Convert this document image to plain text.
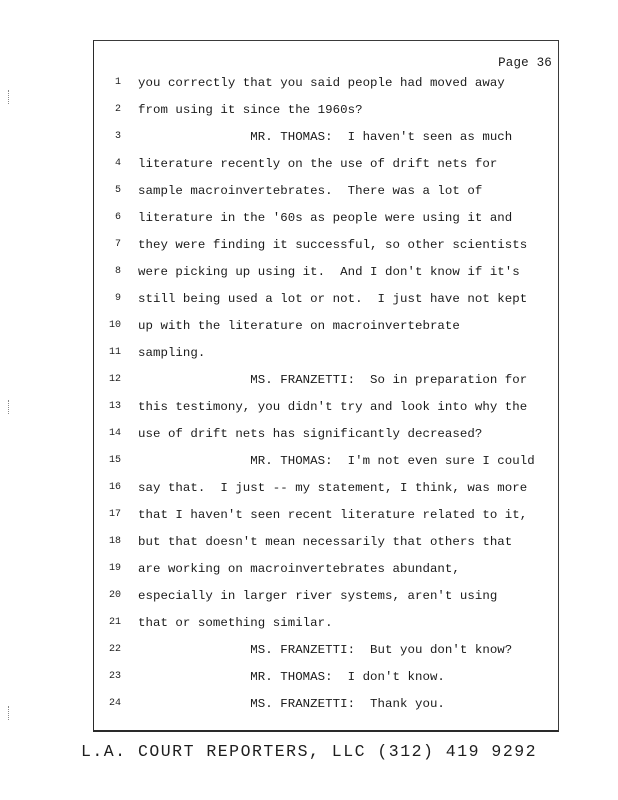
Page 36
1 you correctly that you said people had moved away
2 from using it since the 1960s?
3 MR. THOMAS:  I haven't seen as much
4 literature recently on the use of drift nets for
5 sample macroinvertebrates.  There was a lot of
6 literature in the '60s as people were using it and
7 they were finding it successful, so other scientists
8 were picking up using it.  And I don't know if it's
9 still being used a lot or not.  I just have not kept
10 up with the literature on macroinvertebrate
11 sampling.
12 MS. FRANZETTI:  So in preparation for
13 this testimony, you didn't try and look into why the
14 use of drift nets has significantly decreased?
15 MR. THOMAS:  I'm not even sure I could
16 say that.  I just -- my statement, I think, was more
17 that I haven't seen recent literature related to it,
18 but that doesn't mean necessarily that others that
19 are working on macroinvertebrates abundant,
20 especially in larger river systems, aren't using
21 that or something similar.
22 MS. FRANZETTI:  But you don't know?
23 MR. THOMAS:  I don't know.
24 MS. FRANZETTI:  Thank you.
L.A. COURT REPORTERS, LLC (312) 419 9292
